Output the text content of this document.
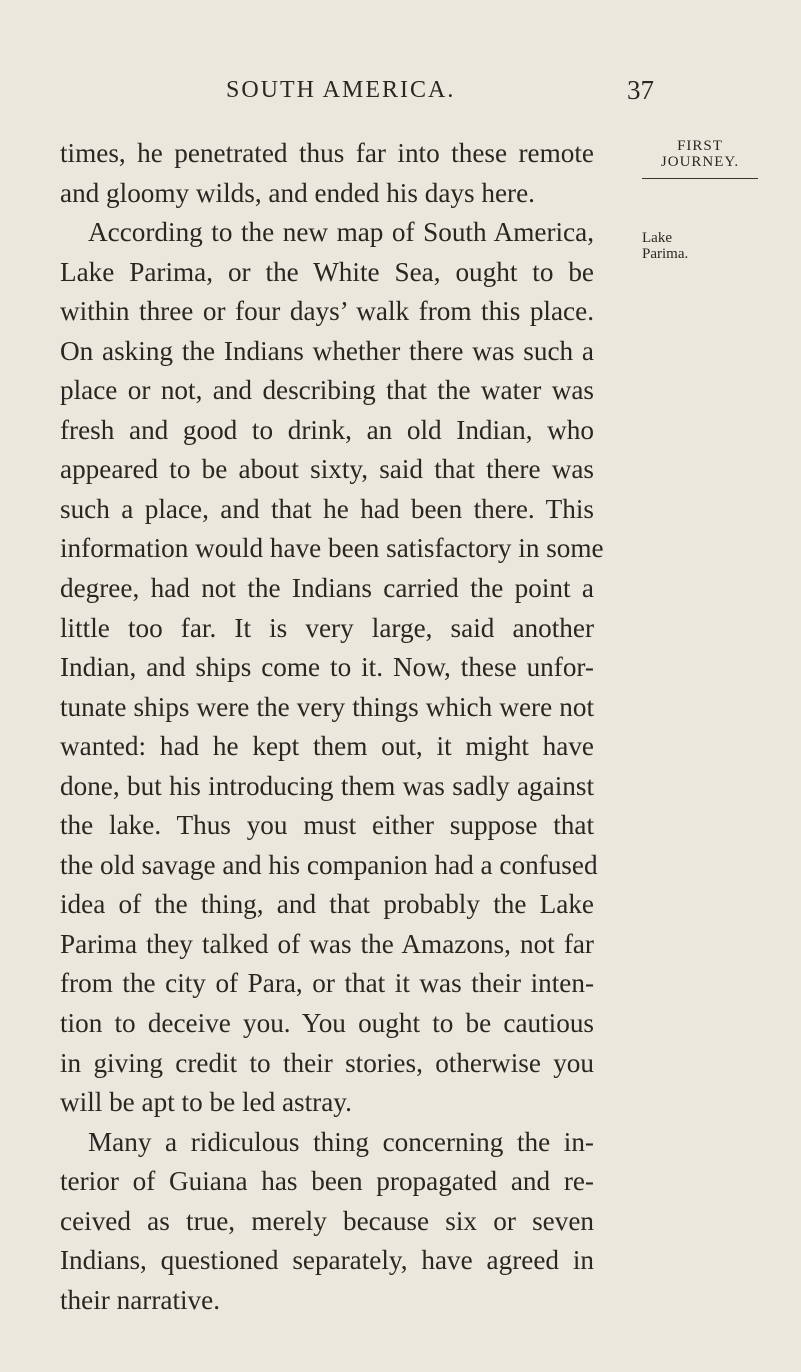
SOUTH AMERICA.	37
FIRST
JOURNEY.
Lake
Parima.
times, he penetrated thus far into these remote
and gloomy wilds, and ended his days here.
According to the new map of South America,
Lake Parima, or the White Sea, ought to be
within three or four days’ walk from this place.
On asking the Indians whether there was such a
place or not, and describing that the water was
fresh and good to drink, an old Indian, who
appeared to be about sixty, said that there was
such a place, and that he had been there. This
information would have been satisfactory in some
degree, had not the Indians carried the point a
little too far. It is very large, said another
Indian, and ships come to it. Now, these unfor-
tunate ships were the very things which were not
wanted: had he kept them out, it might have
done, but his introducing them was sadly against
the lake. Thus you must either suppose that
the old savage and his companion had a confused
idea of the thing, and that probably the Lake
Parima they talked of was the Amazons, not far
from the city of Para, or that it was their inten-
tion to deceive you. You ought to be cautious
in giving credit to their stories, otherwise you
will be apt to be led astray.
Many a ridiculous thing concerning the in-
terior of Guiana has been propagated and re-
ceived as true, merely because six or seven
Indians, questioned separately, have agreed in
their narrative.
